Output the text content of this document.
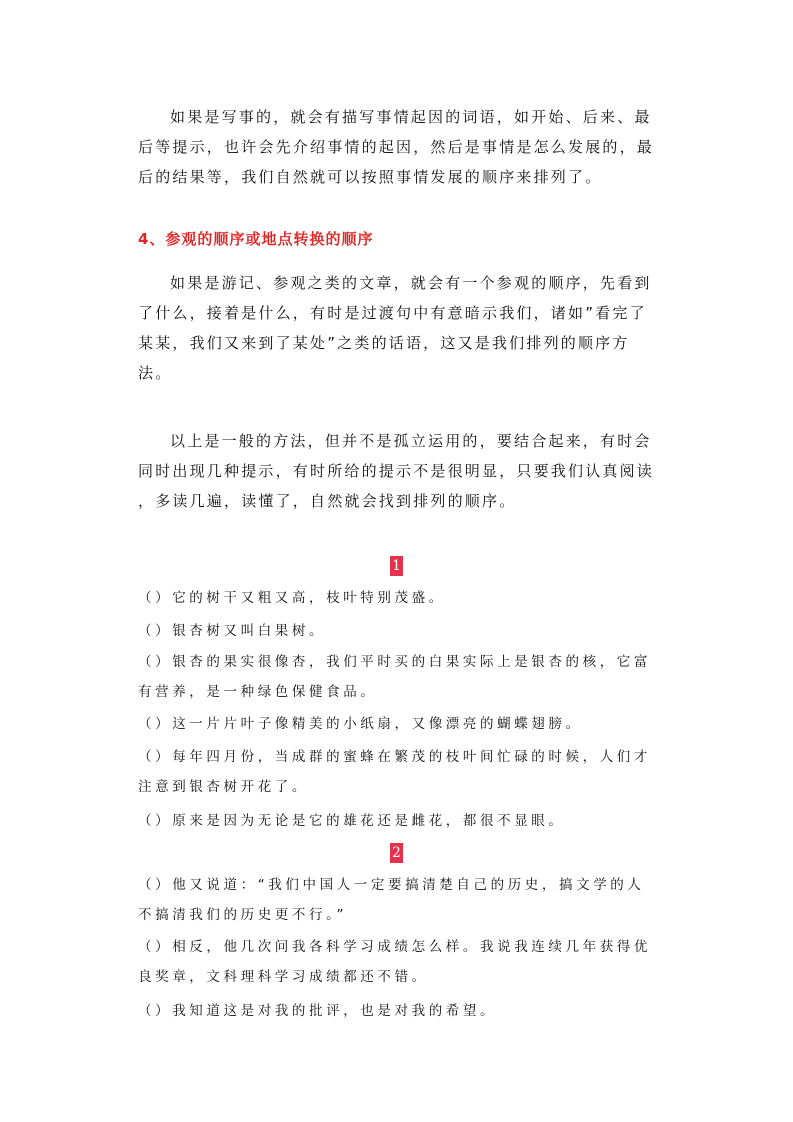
如果是写事的，就会有描写事情起因的词语，如开始、后来、最后等提示，也许会先介绍事情的起因，然后是事情是怎么发展的，最后的结果等，我们自然就可以按照事情发展的顺序来排列了。

4、参观的顺序或地点转换的顺序

如果是游记、参观之类的文章，就会有一个参观的顺序，先看到了什么，接着是什么，有时是过渡句中有意暗示我们，诸如”看完了某某，我们又来到了某处”之类的话语，这又是我们排列的顺序方法。

以上是一般的方法，但并不是孤立运用的，要结合起来，有时会同时出现几种提示，有时所给的提示不是很明显，只要我们认真阅读 ，多读几遍，读懂了，自然就会找到排列的顺序。

1

（）它的树干又粗又高，枝叶特别茂盛。

（）银杏树又叫白果树。

（）银杏的果实很像杏，我们平时买的白果实际上是银杏的核，它富有营养，是一种绿色保健食品。

（）这一片片叶子像精美的小纸扇，又像漂亮的蝴蝶翅膀。

（）每年四月份，当成群的蜜蜂在繁茂的枝叶间忙碌的时候，人们才注意到银杏树开花了。

（）原来是因为无论是它的雄花还是雌花，都很不显眼。

2

（）他又说道：“我们中国人一定要搞清楚自己的历史，搞文学的人不搞清我们的历史更不行。”

（）相反，他几次问我各科学习成绩怎么样。我说我连续几年获得优良奖章，文科理科学习成绩都还不错。

（）我知道这是对我的批评，也是对我的希望。
